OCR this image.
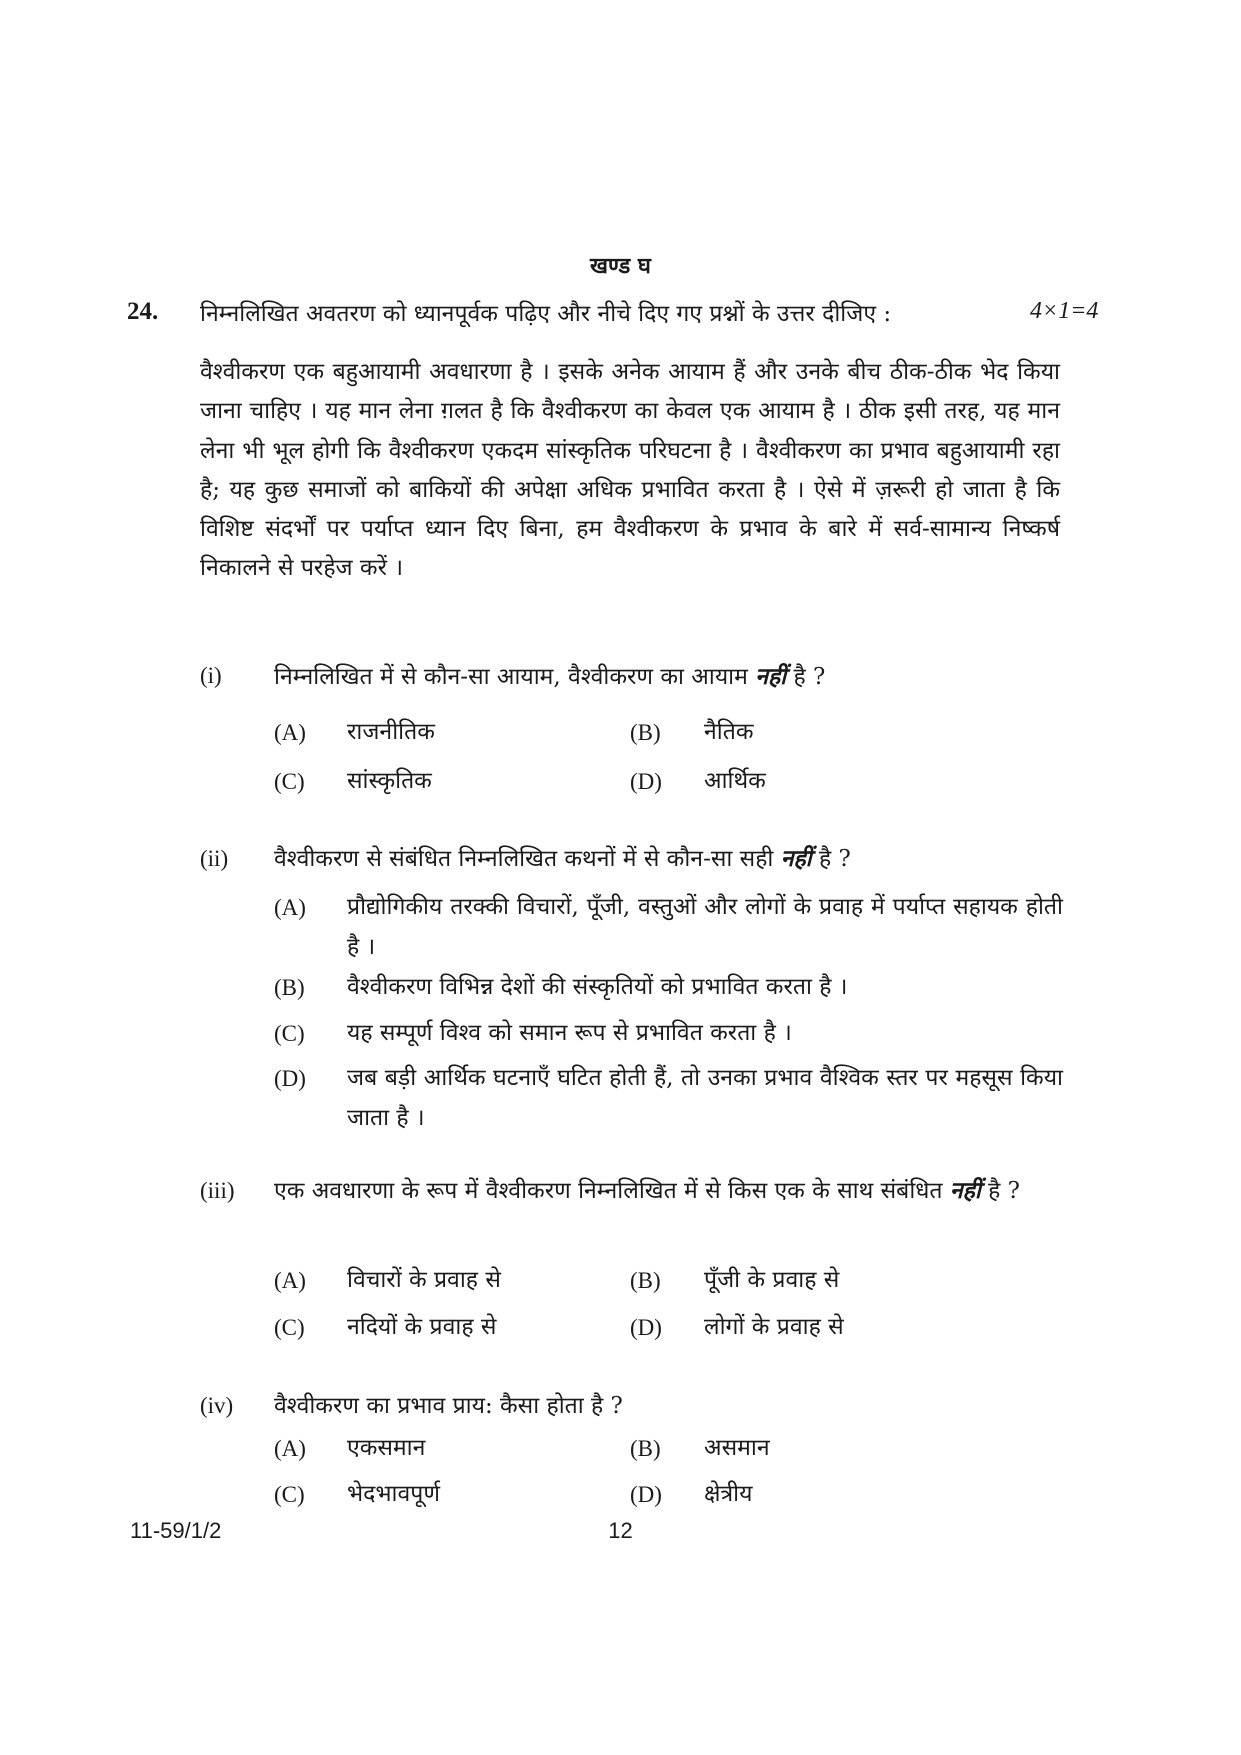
खण्ड घ
24. निम्नलिखित अवतरण को ध्यानपूर्वक पढ़िए और नीचे दिए गए प्रश्नों के उत्तर दीजिए :	4×1=4
वैश्वीकरण एक बहुआयामी अवधारणा है । इसके अनेक आयाम हैं और उनके बीच ठीक-ठीक भेद किया जाना चाहिए । यह मान लेना ग़लत है कि वैश्वीकरण का केवल एक आयाम है । ठीक इसी तरह, यह मान लेना भी भूल होगी कि वैश्वीकरण एकदम सांस्कृतिक परिघटना है । वैश्वीकरण का प्रभाव बहुआयामी रहा है; यह कुछ समाजों को बाकियों की अपेक्षा अधिक प्रभावित करता है । ऐसे में ज़रूरी हो जाता है कि विशिष्ट संदर्भों पर पर्याप्त ध्यान दिए बिना, हम वैश्वीकरण के प्रभाव के बारे में सर्व-सामान्य निष्कर्ष निकालने से परहेज करें ।
(i) निम्नलिखित में से कौन-सा आयाम, वैश्वीकरण का आयाम नहीं है ?
(A) राजनीतिक	(B) नैतिक
(C) सांस्कृतिक	(D) आर्थिक
(ii) वैश्वीकरण से संबंधित निम्नलिखित कथनों में से कौन-सा सही नहीं है ?
(A) प्रौद्योगिकीय तरक्की विचारों, पूँजी, वस्तुओं और लोगों के प्रवाह में पर्याप्त सहायक होती है ।
(B) वैश्वीकरण विभिन्न देशों की संस्कृतियों को प्रभावित करता है ।
(C) यह सम्पूर्ण विश्व को समान रूप से प्रभावित करता है ।
(D) जब बड़ी आर्थिक घटनाएँ घटित होती हैं, तो उनका प्रभाव वैश्विक स्तर पर महसूस किया जाता है ।
(iii) एक अवधारणा के रूप में वैश्वीकरण निम्नलिखित में से किस एक के साथ संबंधित नहीं है ?
(A) विचारों के प्रवाह से	(B) पूँजी के प्रवाह से
(C) नदियों के प्रवाह से	(D) लोगों के प्रवाह से
(iv) वैश्वीकरण का प्रभाव प्राय: कैसा होता है ?
(A) एकसमान	(B) असमान
(C) भेदभावपूर्ण	(D) क्षेत्रीय
11-59/1/2	12
